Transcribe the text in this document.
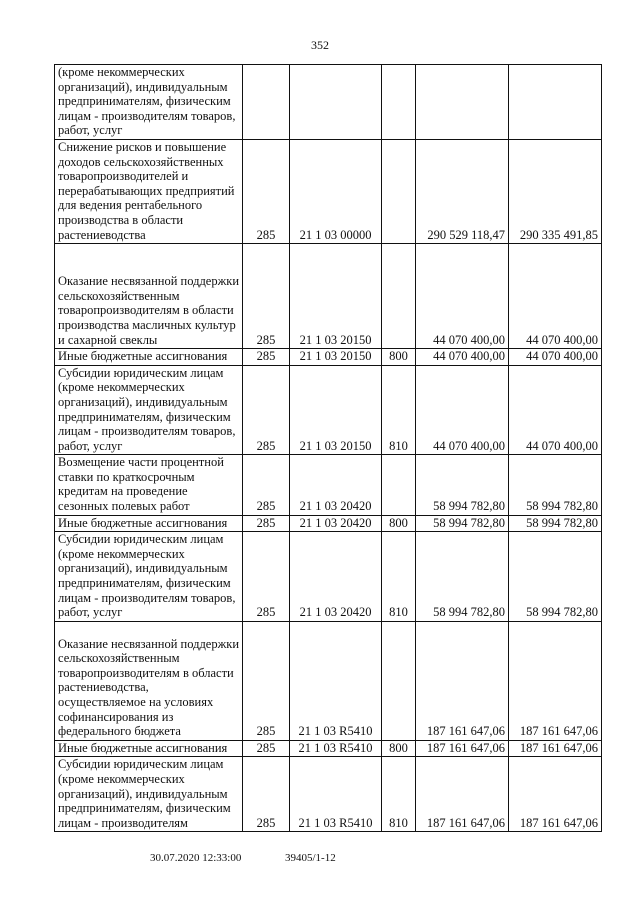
352
(кроме некоммерческих организаций), индивидуальным предпринимателям, физическим лицам - производителям товаров, работ, услуг					
Снижение рисков и повышение доходов сельскохозяйственных товаропроизводителей и перерабатывающих предприятий для ведения рентабельного производства в области растениеводства	285	21 1 03 00000		290 529 118,47	290 335 491,85
Оказание несвязанной поддержки сельскохозяйственным товаропроизводителям в области производства масличных культур и сахарной свеклы	285	21 1 03 20150		44 070 400,00	44 070 400,00
Иные бюджетные ассигнования	285	21 1 03 20150	800	44 070 400,00	44 070 400,00
Субсидии юридическим лицам (кроме некоммерческих организаций), индивидуальным предпринимателям, физическим лицам - производителям товаров, работ, услуг	285	21 1 03 20150	810	44 070 400,00	44 070 400,00
Возмещение части процентной ставки по краткосрочным кредитам на проведение сезонных полевых работ	285	21 1 03 20420		58 994 782,80	58 994 782,80
Иные бюджетные ассигнования	285	21 1 03 20420	800	58 994 782,80	58 994 782,80
Субсидии юридическим лицам (кроме некоммерческих организаций), индивидуальным предпринимателям, физическим лицам - производителям товаров, работ, услуг	285	21 1 03 20420	810	58 994 782,80	58 994 782,80
Оказание несвязанной поддержки сельскохозяйственным товаропроизводителям в области растениеводства, осуществляемое на условиях софинансирования из федерального бюджета	285	21 1 03 R5410		187 161 647,06	187 161 647,06
Иные бюджетные ассигнования	285	21 1 03 R5410	800	187 161 647,06	187 161 647,06
Субсидии юридическим лицам (кроме некоммерческих организаций), индивидуальным предпринимателям, физическим лицам - производителям	285	21 1 03 R5410	810	187 161 647,06	187 161 647,06
30.07.2020 12:33:00	39405/1-12
